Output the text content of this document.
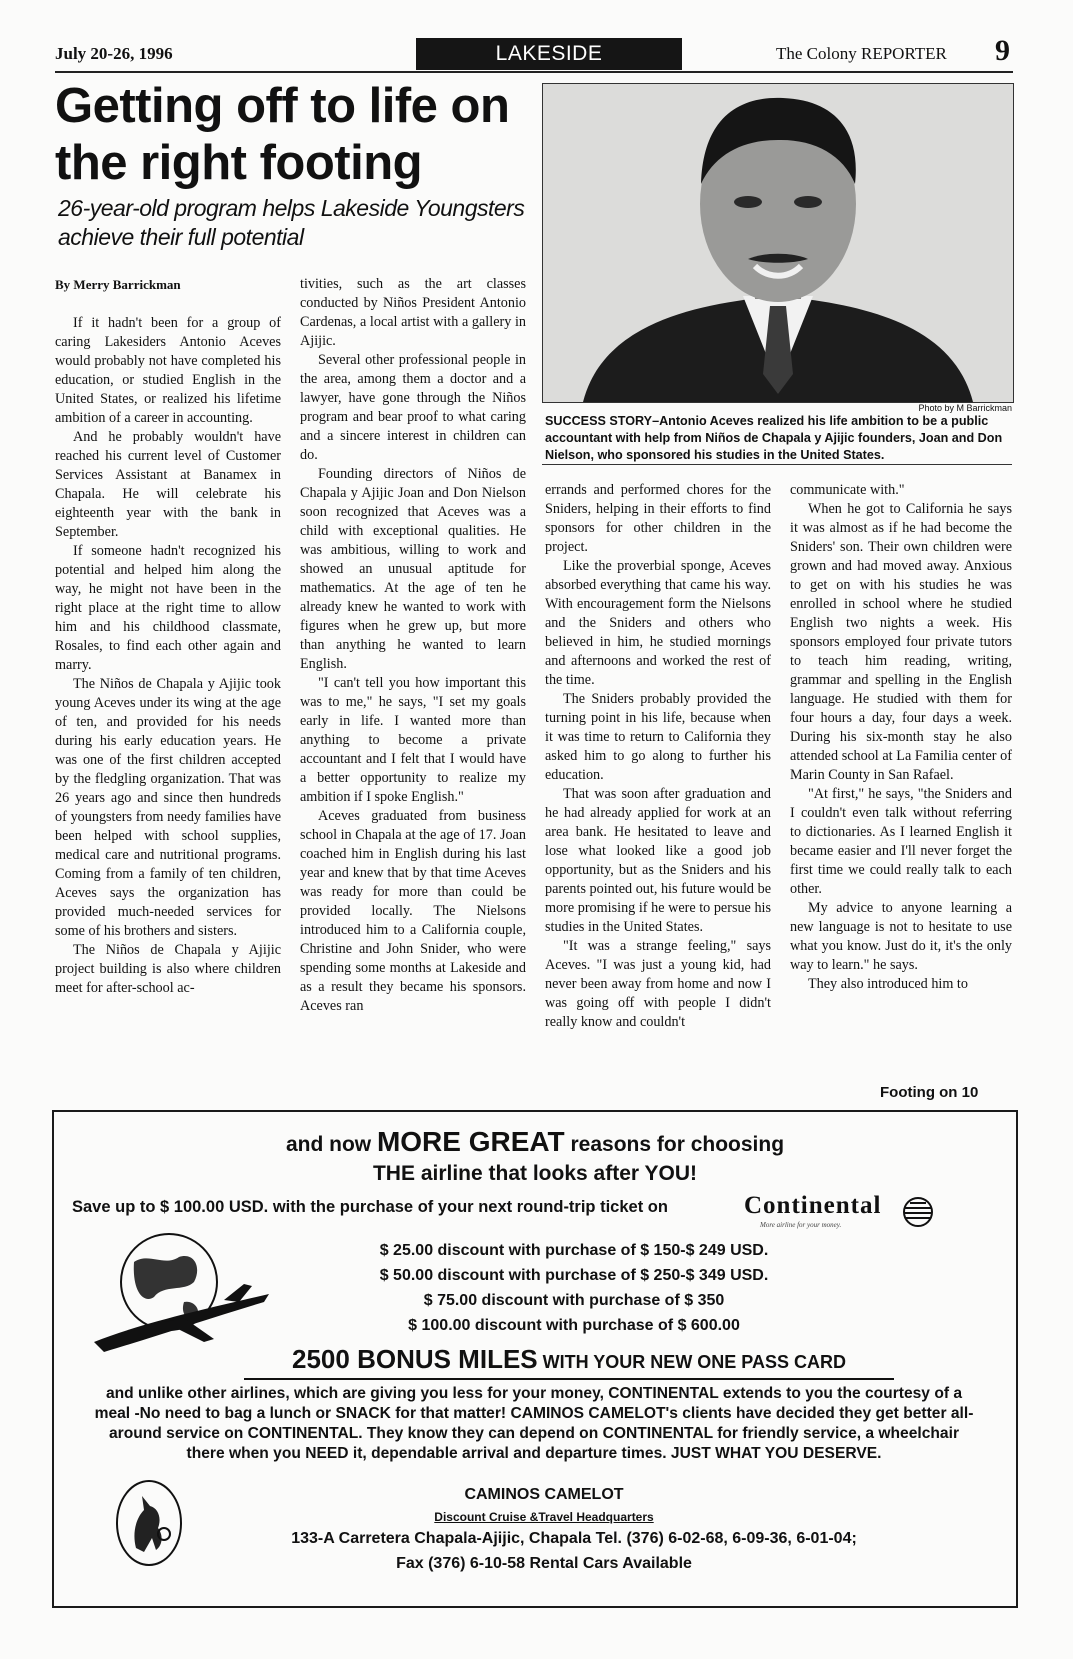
July 20-26, 1996	LAKESIDE	The Colony REPORTER 9
Getting off to life on the right footing
26-year-old program helps Lakeside Youngsters achieve their full potential
Photo by M Barrickman
SUCCESS STORY–Antonio Aceves realized his life ambition to be a public accountant with help from Niños de Chapala y Ajijic founders, Joan and Don Nielson, who sponsored his studies in the United States.

By Merry Barrickman

If it hadn't been for a group of caring Lakesiders Antonio Aceves would probably not have completed his education, or studied English in the United States, or realized his lifetime ambition of a career in accounting.

And he probably wouldn't have reached his current level of Customer Services Assistant at Banamex in Chapala. He will celebrate his eighteenth year with the bank in September.

If someone hadn't recognized his potential and helped him along the way, he might not have been in the right place at the right time to allow him and his childhood classmate, Rosales, to find each other again and marry.

The Niños de Chapala y Ajijic took young Aceves under its wing at the age of ten, and provided for his needs during his early education years. He was one of the first children accepted by the fledgling organization. That was 26 years ago and since then hundreds of youngsters from needy families have been helped with school supplies, medical care and nutritional programs. Coming from a family of ten children, Aceves says the organization has provided much-needed services for some of his brothers and sisters.

The Niños de Chapala y Ajijic project building is also where children meet for after-school ac-

tivities, such as the art classes conducted by Niños President Antonio Cardenas, a local artist with a gallery in Ajijic.

Several other professional people in the area, among them a doctor and a lawyer, have gone through the Niños program and bear proof to what caring and a sincere interest in children can do.

Founding directors of Niños de Chapala y Ajijic Joan and Don Nielson soon recognized that Aceves was a child with exceptional qualities. He was ambitious, willing to work and showed an unusual aptitude for mathematics. At the age of ten he already knew he wanted to work with figures when he grew up, but more than anything he wanted to learn English.

"I can't tell you how important this was to me," he says, "I set my goals early in life. I wanted more than anything to become a private accountant and I felt that I would have a better opportunity to realize my ambition if I spoke English."

Aceves graduated from business school in Chapala at the age of 17. Joan coached him in English during his last year and knew that by that time Aceves was ready for more than could be provided locally. The Nielsons introduced him to a California couple, Christine and John Snider, who were spending some months at Lakeside and as a result they became his sponsors. Aceves ran

errands and performed chores for the Sniders, helping in their efforts to find sponsors for other children in the project.

Like the proverbial sponge, Aceves absorbed everything that came his way. With encouragement form the Nielsons and the Sniders and others who believed in him, he studied mornings and afternoons and worked the rest of the time.

The Sniders probably provided the turning point in his life, because when it was time to return to California they asked him to go along to further his education.

That was soon after graduation and he had already applied for work at an area bank. He hesitated to leave and lose what looked like a good job opportunity, but as the Sniders and his parents pointed out, his future would be more promising if he were to persue his studies in the United States.

"It was a strange feeling," says Aceves. "I was just a young kid, had never been away from home and now I was going off with people I didn't really know and couldn't

communicate with."

When he got to California he says it was almost as if he had become the Sniders' son. Their own children were grown and had moved away. Anxious to get on with his studies he was enrolled in school where he studied English two nights a week. His sponsors employed four private tutors to teach him reading, writing, grammar and spelling in the English language. He studied with them for four hours a day, four days a week. During his six-month stay he also attended school at La Familia center of Marin County in San Rafael.

"At first," he says, "the Sniders and I couldn't even talk without referring to dictionaries. As I learned English it became easier and I'll never forget the first time we could really talk to each other.

My advice to anyone learning a new language is not to hesitate to use what you know. Just do it, it's the only way to learn." he says.

They also introduced him to

Footing on 10
and now MORE GREAT reasons for choosing
THE airline that looks after YOU!
Save up to $ 100.00 USD. with the purchase of your next round-trip ticket on	Continental
More airline for your money.
$ 25.00 discount with purchase of $ 150-$ 249 USD.
$ 50.00 discount with purchase of $ 250-$ 349 USD.
$ 75.00 discount with purchase of $ 350
$ 100.00 discount with purchase of $ 600.00
2500 BONUS MILES WITH YOUR NEW ONE PASS CARD
and unlike other airlines, which are giving you less for your money, CONTINENTAL extends to you the courtesy of a meal -No need to bag a lunch or SNACK for that matter! CAMINOS CAMELOT's clients have decided they get better all-around service on CONTINENTAL. They know they can depend on CONTINENTAL for friendly service, a wheelchair there when you NEED it, dependable arrival and departure times. JUST WHAT YOU DESERVE.
CAMINOS CAMELOT
Discount Cruise &Travel Headquarters
133-A Carretera Chapala-Ajijic, Chapala Tel. (376) 6-02-68, 6-09-36, 6-01-04;
Fax (376) 6-10-58 Rental Cars Available
